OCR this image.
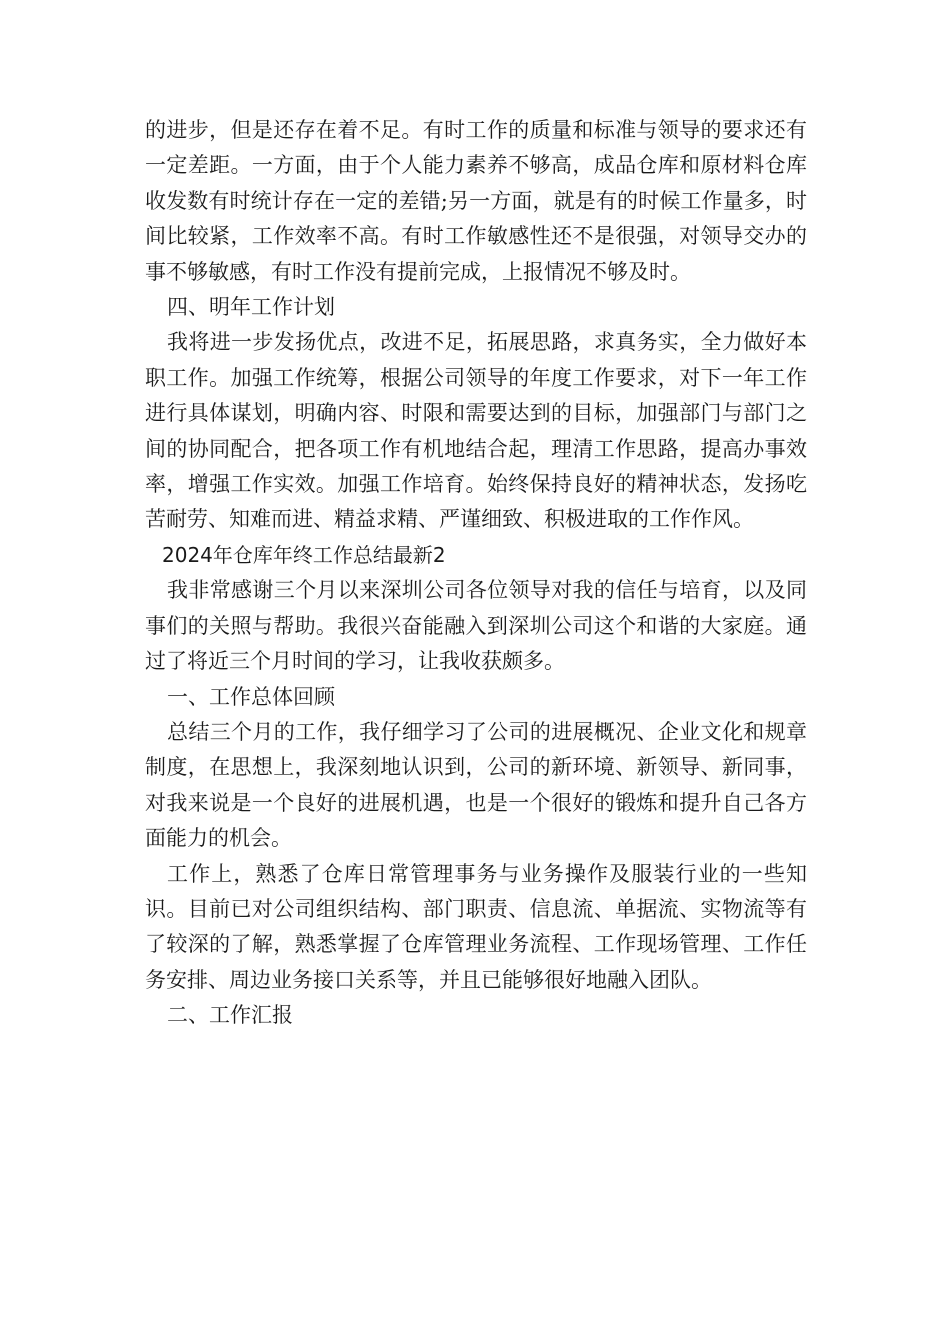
的进步，但是还存在着不足。有时工作的质量和标准与领导的要求还有一定差距。一方面，由于个人能力素养不够高，成品仓库和原材料仓库收发数有时统计存在一定的差错;另一方面，就是有的时候工作量多，时间比较紧，工作效率不高。有时工作敏感性还不是很强，对领导交办的事不够敏感，有时工作没有提前完成，上报情况不够及时。

四、明年工作计划

我将进一步发扬优点，改进不足，拓展思路，求真务实，全力做好本职工作。加强工作统筹，根据公司领导的年度工作要求，对下一年工作进行具体谋划，明确内容、时限和需要达到的目标，加强部门与部门之间的协同配合，把各项工作有机地结合起，理清工作思路，提高办事效率，增强工作实效。加强工作培育。始终保持良好的精神状态，发扬吃苦耐劳、知难而进、精益求精、严谨细致、积极进取的工作作风。

2024年仓库年终工作总结最新2

我非常感谢三个月以来深圳公司各位领导对我的信任与培育，以及同事们的关照与帮助。我很兴奋能融入到深圳公司这个和谐的大家庭。通过了将近三个月时间的学习，让我收获颇多。

一、工作总体回顾

总结三个月的工作，我仔细学习了公司的进展概况、企业文化和规章制度，在思想上，我深刻地认识到，公司的新环境、新领导、新同事，对我来说是一个良好的进展机遇，也是一个很好的锻炼和提升自己各方面能力的机会。

工作上，熟悉了仓库日常管理事务与业务操作及服装行业的一些知识。目前已对公司组织结构、部门职责、信息流、单据流、实物流等有了较深的了解，熟悉掌握了仓库管理业务流程、工作现场管理、工作任务安排、周边业务接口关系等，并且已能够很好地融入团队。

二、工作汇报
